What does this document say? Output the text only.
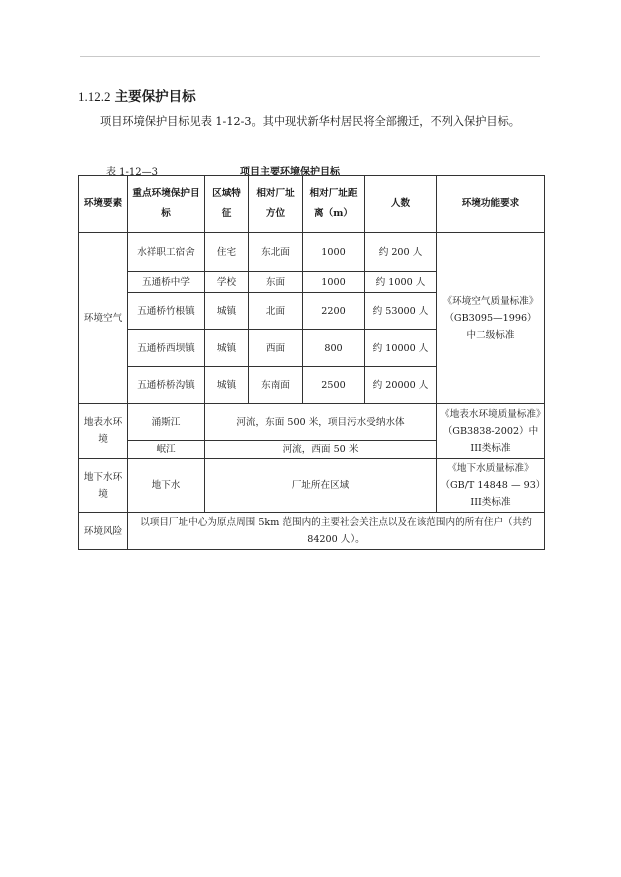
1.12.2 主要保护目标
项目环境保护目标见表 1-12-3。其中现状新华村居民将全部搬迁，不列入保护目标。
表 1-12—3	项目主要环境保护目标
环境要素	重点环境保护目标	区域特征	相对厂址方位	相对厂址距离（m）	人数	环境功能要求
环境空气	水祥职工宿舍	住宅	东北面	1000	约 200 人	《环境空气质量标准》（GB3095—1996）中二级标准
	五通桥中学	学校	东面	1000	约 1000 人	
	五通桥竹根镇	城镇	北面	2200	约 53000 人	
	五通桥西坝镇	城镇	西面	800	约 10000 人	
	五通桥桥沟镇	城镇	东南面	2500	约 20000 人	
地表水环境	涌斯江	河流，东面 500 米，项目污水受纳水体				《地表水环境质量标准》（GB3838-2002）中III类标准
	岷江	河流，西面 50 米				
地下水环境	地下水	厂址所在区域				《地下水质量标准》（GB/T 14848 — 93）III类标准
环境风险	以项目厂址中心为原点周围 5km 范围内的主要社会关注点以及在该范围内的所有住户（共约 84200 人）。					
